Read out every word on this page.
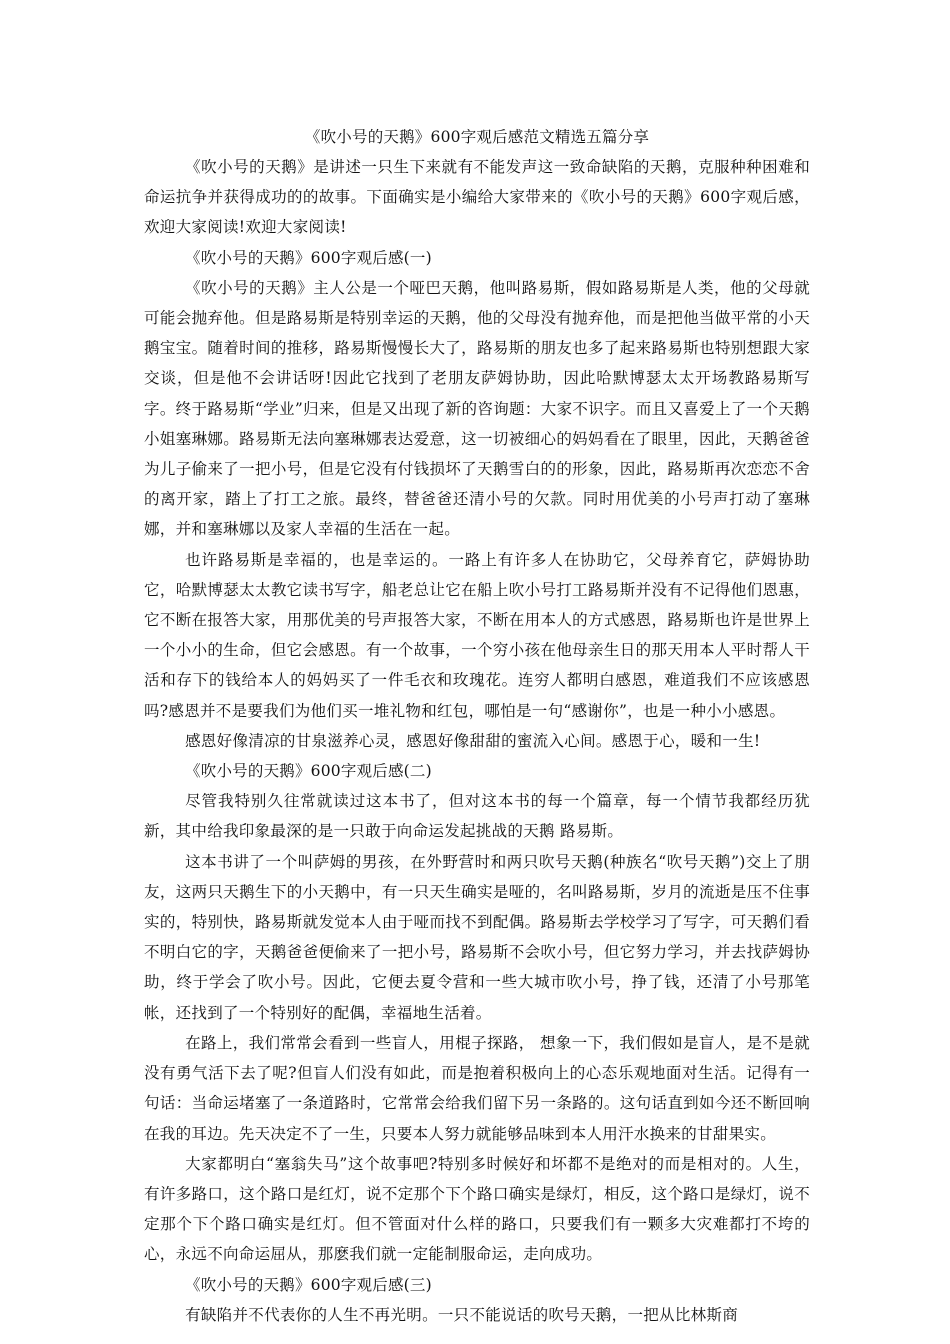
《吹小号的天鹅》600字观后感范文精选五篇分享

《吹小号的天鹅》是讲述一只生下来就有不能发声这一致命缺陷的天鹅，克服种种困难和命运抗争并获得成功的的故事。下面确实是小编给大家带来的《吹小号的天鹅》600字观后感，欢迎大家阅读!欢迎大家阅读!

《吹小号的天鹅》600字观后感(一)

《吹小号的天鹅》主人公是一个哑巴天鹅，他叫路易斯，假如路易斯是人类，他的父母就可能会抛弃他。但是路易斯是特别幸运的天鹅，他的父母没有抛弃他，而是把他当做平常的小天鹅宝宝。随着时间的推移，路易斯慢慢长大了，路易斯的朋友也多了起来路易斯也特别想跟大家交谈，但是他不会讲话呀!因此它找到了老朋友萨姆协助，因此哈默博瑟太太开场教路易斯写字。终于路易斯“学业”归来，但是又出现了新的咨询题：大家不识字。而且又喜爱上了一个天鹅小姐塞琳娜。路易斯无法向塞琳娜表达爱意，这一切被细心的妈妈看在了眼里，因此，天鹅爸爸为儿子偷来了一把小号，但是它没有付钱损坏了天鹅雪白的的形象，因此，路易斯再次恋恋不舍的离开家，踏上了打工之旅。最终，替爸爸还清小号的欠款。同时用优美的小号声打动了塞琳娜，并和塞琳娜以及家人幸福的生活在一起。

也许路易斯是幸福的，也是幸运的。一路上有许多人在协助它，父母养育它，萨姆协助它，哈默博瑟太太教它读书写字，船老总让它在船上吹小号打工路易斯并没有不记得他们恩惠，它不断在报答大家，用那优美的号声报答大家，不断在用本人的方式感恩，路易斯也许是世界上一个小小的生命，但它会感恩。有一个故事，一个穷小孩在他母亲生日的那天用本人平时帮人干活和存下的钱给本人的妈妈买了一件毛衣和玫瑰花。连穷人都明白感恩，难道我们不应该感恩吗?感恩并不是要我们为他们买一堆礼物和红包，哪怕是一句“感谢你”，也是一种小小感恩。

感恩好像清凉的甘泉滋养心灵，感恩好像甜甜的蜜流入心间。感恩于心，暖和一生!

《吹小号的天鹅》600字观后感(二)

尽管我特别久往常就读过这本书了，但对这本书的每一个篇章，每一个情节我都经历犹新，其中给我印象最深的是一只敢于向命运发起挑战的天鹅 路易斯。

这本书讲了一个叫萨姆的男孩，在外野营时和两只吹号天鹅(种族名“吹号天鹅”)交上了朋友，这两只天鹅生下的小天鹅中，有一只天生确实是哑的，名叫路易斯，岁月的流逝是压不住事实的，特别快，路易斯就发觉本人由于哑而找不到配偶。路易斯去学校学习了写字，可天鹅们看不明白它的字，天鹅爸爸便偷来了一把小号，路易斯不会吹小号，但它努力学习，并去找萨姆协助，终于学会了吹小号。因此，它便去夏令营和一些大城市吹小号，挣了钱，还清了小号那笔帐，还找到了一个特别好的配偶，幸福地生活着。

在路上，我们常常会看到一些盲人，用棍子探路， 想象一下，我们假如是盲人，是不是就没有勇气活下去了呢?但盲人们没有如此，而是抱着积极向上的心态乐观地面对生活。记得有一句话：当命运堵塞了一条道路时，它常常会给我们留下另一条路的。这句话直到如今还不断回响在我的耳边。先天决定不了一生，只要本人努力就能够品味到本人用汗水换来的甘甜果实。

大家都明白“塞翁失马”这个故事吧?特别多时候好和坏都不是绝对的而是相对的。人生，有许多路口，这个路口是红灯，说不定那个下个路口确实是绿灯，相反，这个路口是绿灯，说不定那个下个路口确实是红灯。但不管面对什么样的路口，只要我们有一颗多大灾难都打不垮的心，永远不向命运屈从，那麽我们就一定能制服命运，走向成功。

《吹小号的天鹅》600字观后感(三)

有缺陷并不代表你的人生不再光明。一只不能说话的吹号天鹅，一把从比林斯商
